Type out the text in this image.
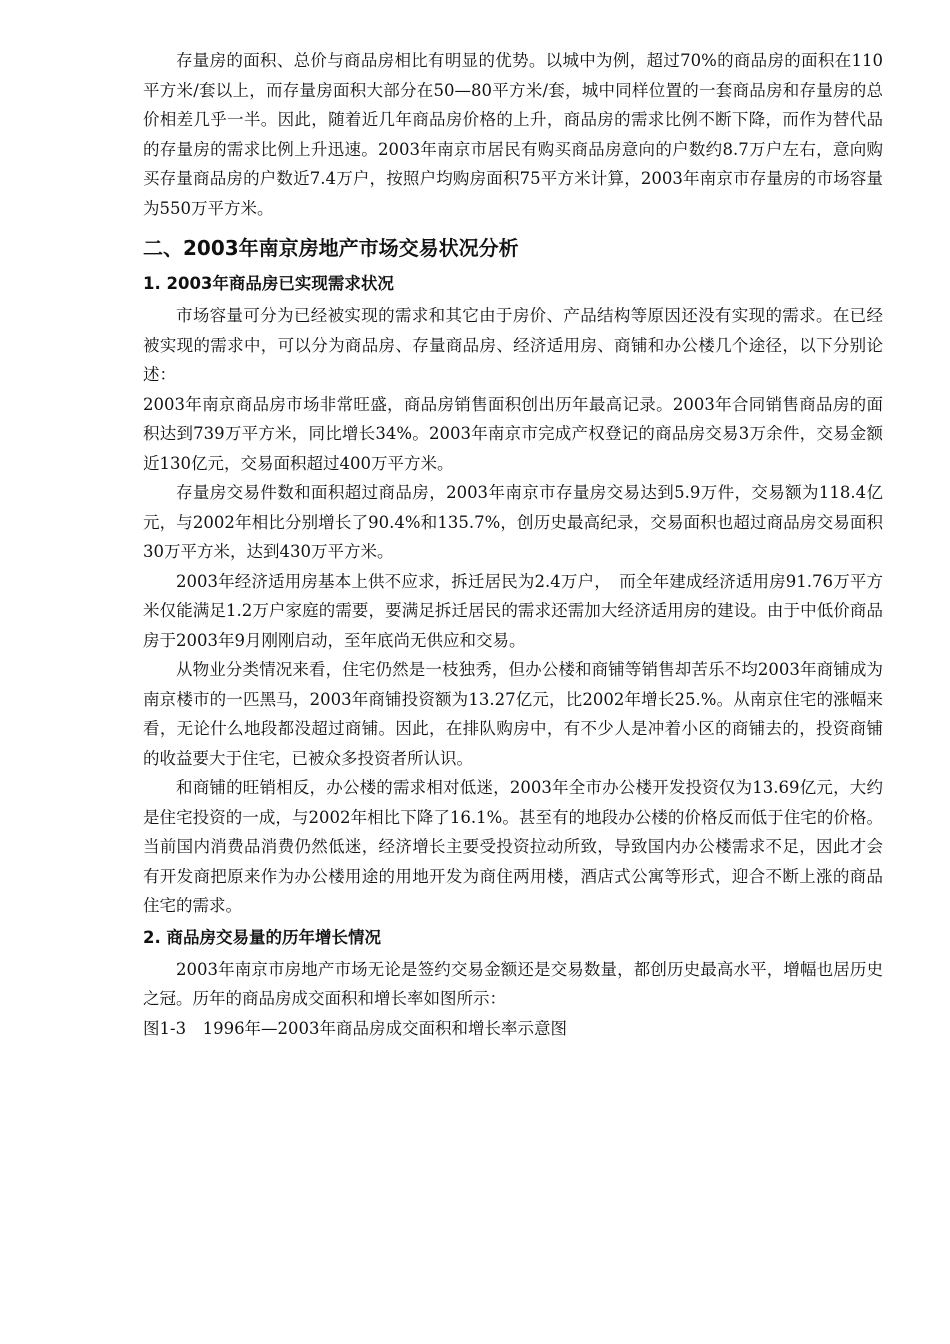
存量房的面积、总价与商品房相比有明显的优势。以城中为例，超过70%的商品房的面积在110平方米/套以上，而存量房面积大部分在50—80平方米/套，城中同样位置的一套商品房和存量房的总价相差几乎一半。因此，随着近几年商品房价格的上升，商品房的需求比例不断下降，而作为替代品的存量房的需求比例上升迅速。2003年南京市居民有购买商品房意向的户数约8.7万户左右，意向购买存量商品房的户数近7.4万户，按照户均购房面积75平方米计算，2003年南京市存量房的市场容量为550万平方米。

二、2003年南京房地产市场交易状况分析
1. 2003年商品房已实现需求状况

市场容量可分为已经被实现的需求和其它由于房价、产品结构等原因还没有实现的需求。在已经被实现的需求中，可以分为商品房、存量商品房、经济适用房、商铺和办公楼几个途径，以下分别论述：

2003年南京商品房市场非常旺盛，商品房销售面积创出历年最高记录。2003年合同销售商品房的面积达到739万平方米，同比增长34%。2003年南京市完成产权登记的商品房交易3万余件，交易金额近130亿元，交易面积超过400万平方米。

存量房交易件数和面积超过商品房，2003年南京市存量房交易达到5.9万件，交易额为118.4亿元，与2002年相比分别增长了90.4%和135.7%，创历史最高纪录，交易面积也超过商品房交易面积30万平方米，达到430万平方米。

2003年经济适用房基本上供不应求，拆迁居民为2.4万户，　而全年建成经济适用房91.76万平方米仅能满足1.2万户家庭的需要，要满足拆迁居民的需求还需加大经济适用房的建设。由于中低价商品房于2003年9月刚刚启动，至年底尚无供应和交易。

从物业分类情况来看，住宅仍然是一枝独秀，但办公楼和商铺等销售却苦乐不均2003年商铺成为南京楼市的一匹黑马，2003年商铺投资额为13.27亿元，比2002年增长25.%。从南京住宅的涨幅来看，无论什么地段都没超过商铺。因此，在排队购房中，有不少人是冲着小区的商铺去的，投资商铺的收益要大于住宅，已被众多投资者所认识。

和商铺的旺销相反，办公楼的需求相对低迷，2003年全市办公楼开发投资仅为13.69亿元，大约是住宅投资的一成，与2002年相比下降了16.1%。甚至有的地段办公楼的价格反而低于住宅的价格。当前国内消费品消费仍然低迷，经济增长主要受投资拉动所致，导致国内办公楼需求不足，因此才会有开发商把原来作为办公楼用途的用地开发为商住两用楼，酒店式公寓等形式，迎合不断上涨的商品住宅的需求。

2. 商品房交易量的历年增长情况

2003年南京市房地产市场无论是签约交易金额还是交易数量，都创历史最高水平，增幅也居历史之冠。历年的商品房成交面积和增长率如图所示：

图1-3　1996年—2003年商品房成交面积和增长率示意图
